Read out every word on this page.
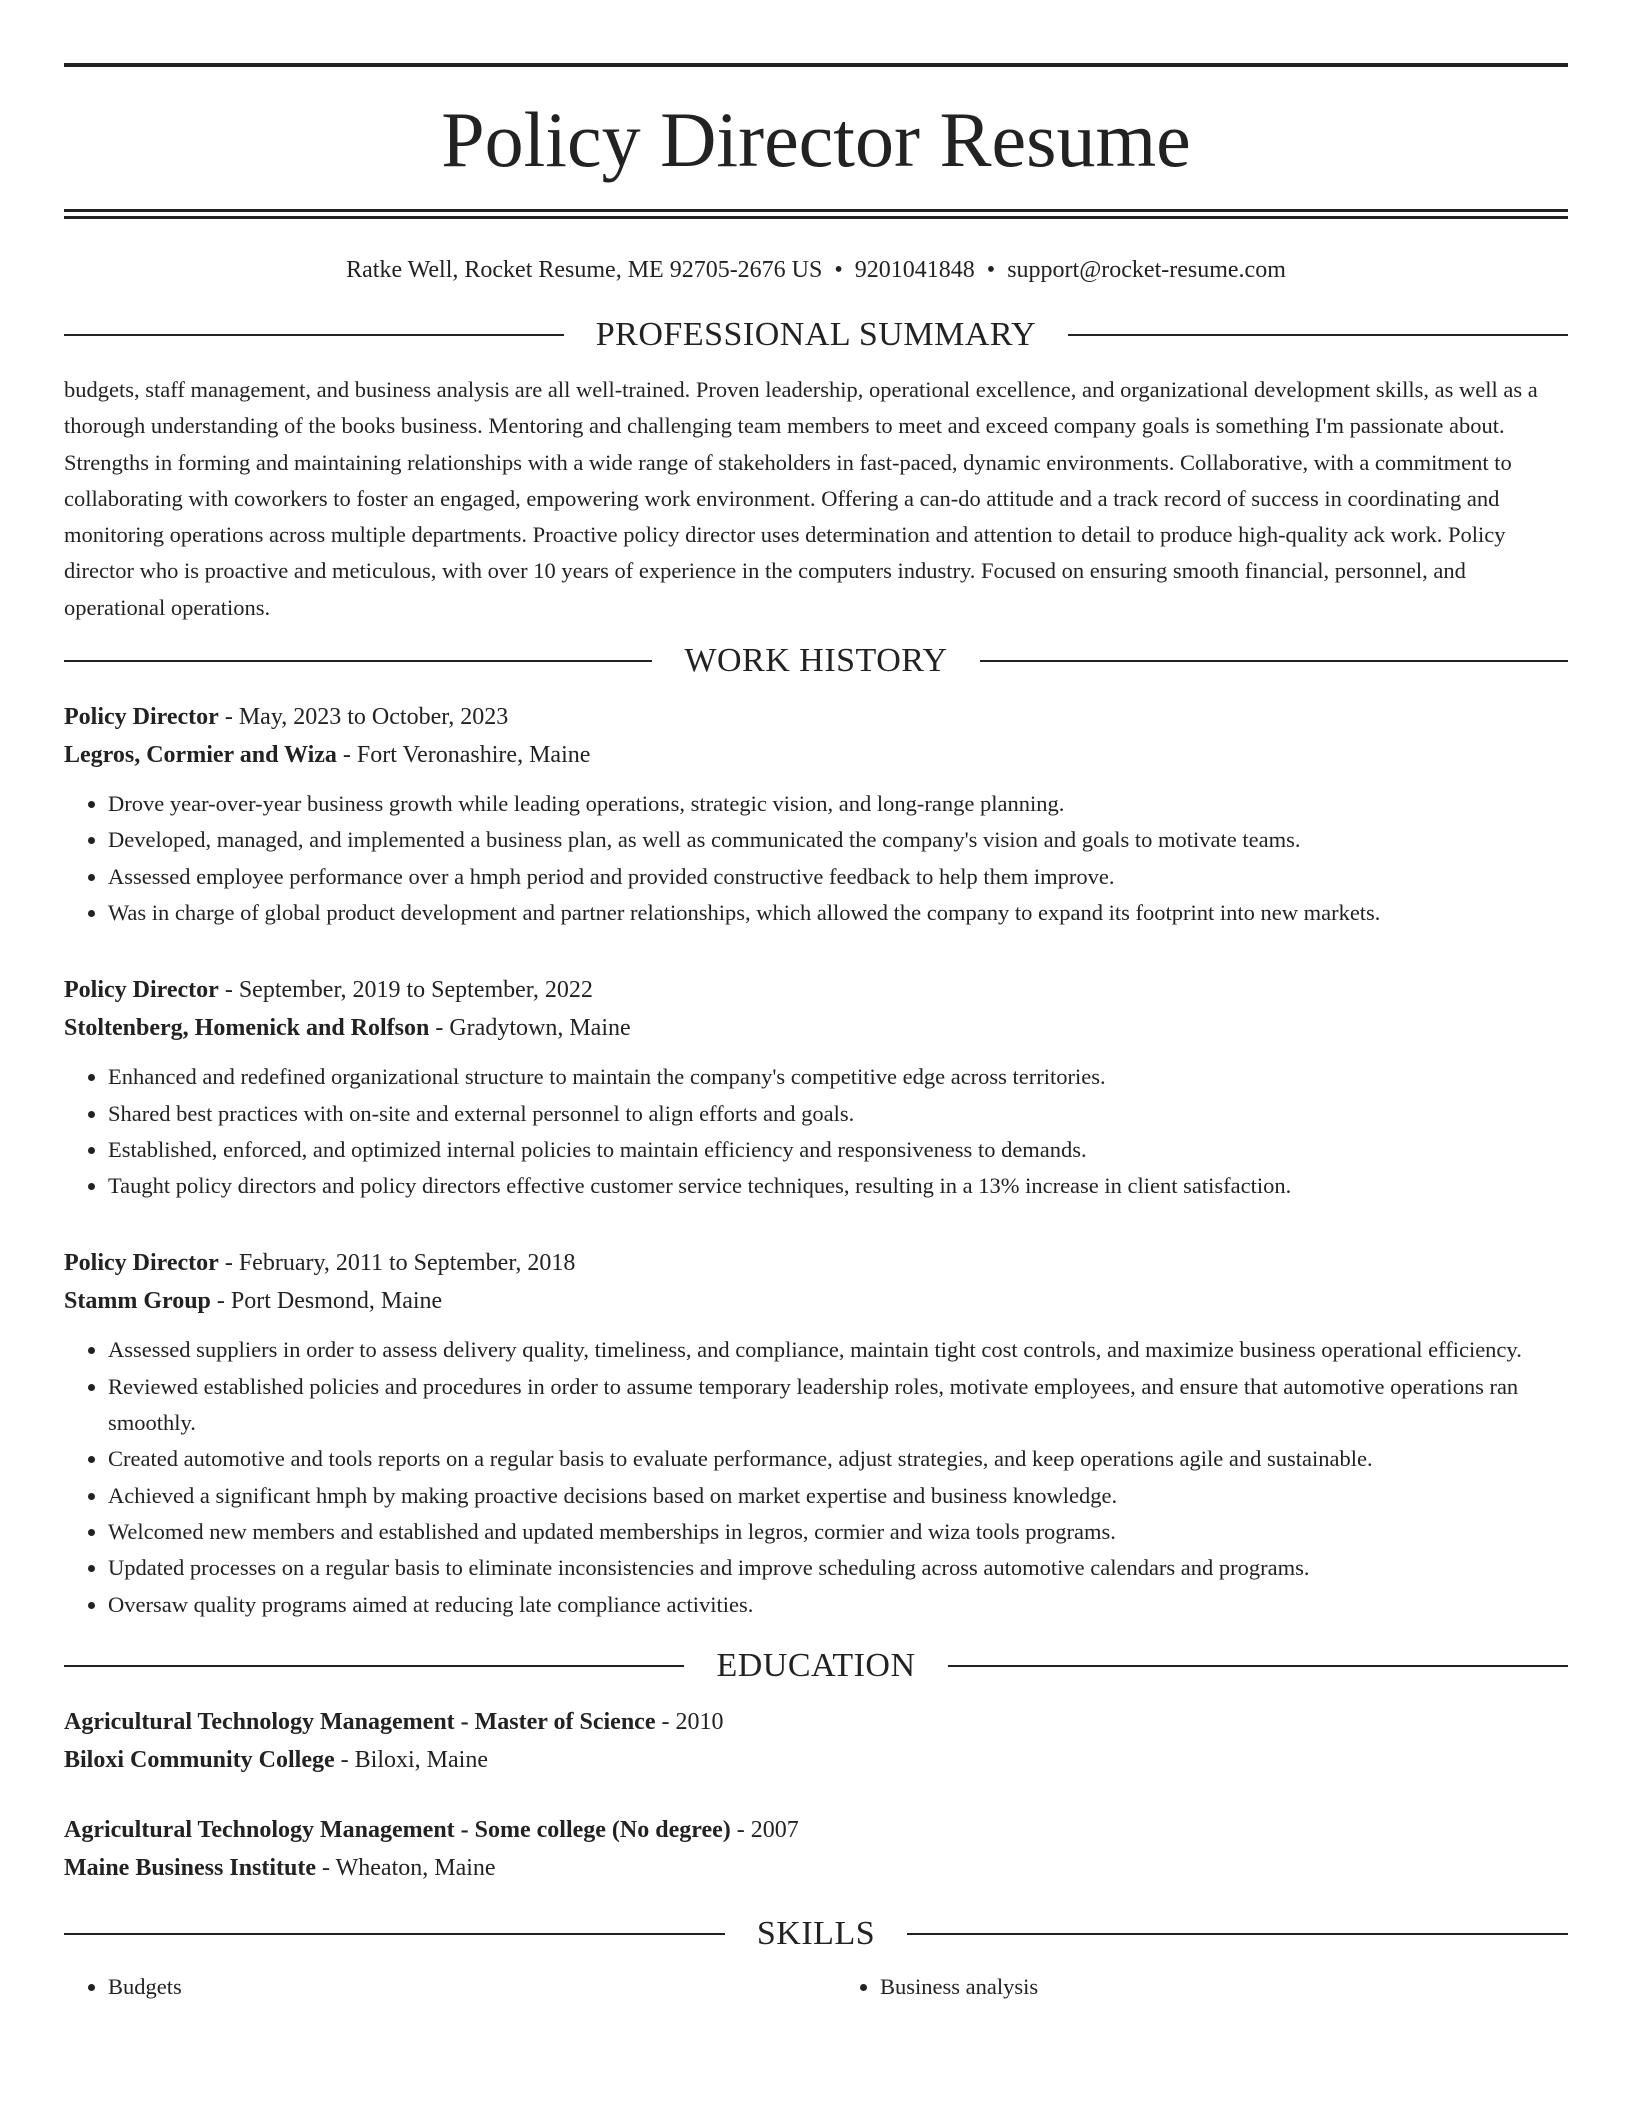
Policy Director Resume
Ratke Well, Rocket Resume, ME 92705-2676 US • 9201041848 • support@rocket-resume.com
PROFESSIONAL SUMMARY

budgets, staff management, and business analysis are all well-trained. Proven leadership, operational excellence, and organizational development skills, as well as a thorough understanding of the books business. Mentoring and challenging team members to meet and exceed company goals is something I'm passionate about. Strengths in forming and maintaining relationships with a wide range of stakeholders in fast-paced, dynamic environments. Collaborative, with a commitment to collaborating with coworkers to foster an engaged, empowering work environment. Offering a can-do attitude and a track record of success in coordinating and monitoring operations across multiple departments. Proactive policy director uses determination and attention to detail to produce high-quality ack work. Policy director who is proactive and meticulous, with over 10 years of experience in the computers industry. Focused on ensuring smooth financial, personnel, and operational operations.

WORK HISTORY
Policy Director - May, 2023 to October, 2023
Legros, Cormier and Wiza - Fort Veronashire, Maine
• Drove year-over-year business growth while leading operations, strategic vision, and long-range planning.
• Developed, managed, and implemented a business plan, as well as communicated the company's vision and goals to motivate teams.
• Assessed employee performance over a hmph period and provided constructive feedback to help them improve.
• Was in charge of global product development and partner relationships, which allowed the company to expand its footprint into new markets.
Policy Director - September, 2019 to September, 2022
Stoltenberg, Homenick and Rolfson - Gradytown, Maine
• Enhanced and redefined organizational structure to maintain the company's competitive edge across territories.
• Shared best practices with on-site and external personnel to align efforts and goals.
• Established, enforced, and optimized internal policies to maintain efficiency and responsiveness to demands.
• Taught policy directors and policy directors effective customer service techniques, resulting in a 13% increase in client satisfaction.
Policy Director - February, 2011 to September, 2018
Stamm Group - Port Desmond, Maine
• Assessed suppliers in order to assess delivery quality, timeliness, and compliance, maintain tight cost controls, and maximize business operational efficiency.
• Reviewed established policies and procedures in order to assume temporary leadership roles, motivate employees, and ensure that automotive operations ran smoothly.
• Created automotive and tools reports on a regular basis to evaluate performance, adjust strategies, and keep operations agile and sustainable.
• Achieved a significant hmph by making proactive decisions based on market expertise and business knowledge.
• Welcomed new members and established and updated memberships in legros, cormier and wiza tools programs.
• Updated processes on a regular basis to eliminate inconsistencies and improve scheduling across automotive calendars and programs.
• Oversaw quality programs aimed at reducing late compliance activities.
EDUCATION
Agricultural Technology Management - Master of Science - 2010
Biloxi Community College - Biloxi, Maine
Agricultural Technology Management - Some college (No degree) - 2007
Maine Business Institute - Wheaton, Maine
SKILLS
• Budgets
•	Business analysis
